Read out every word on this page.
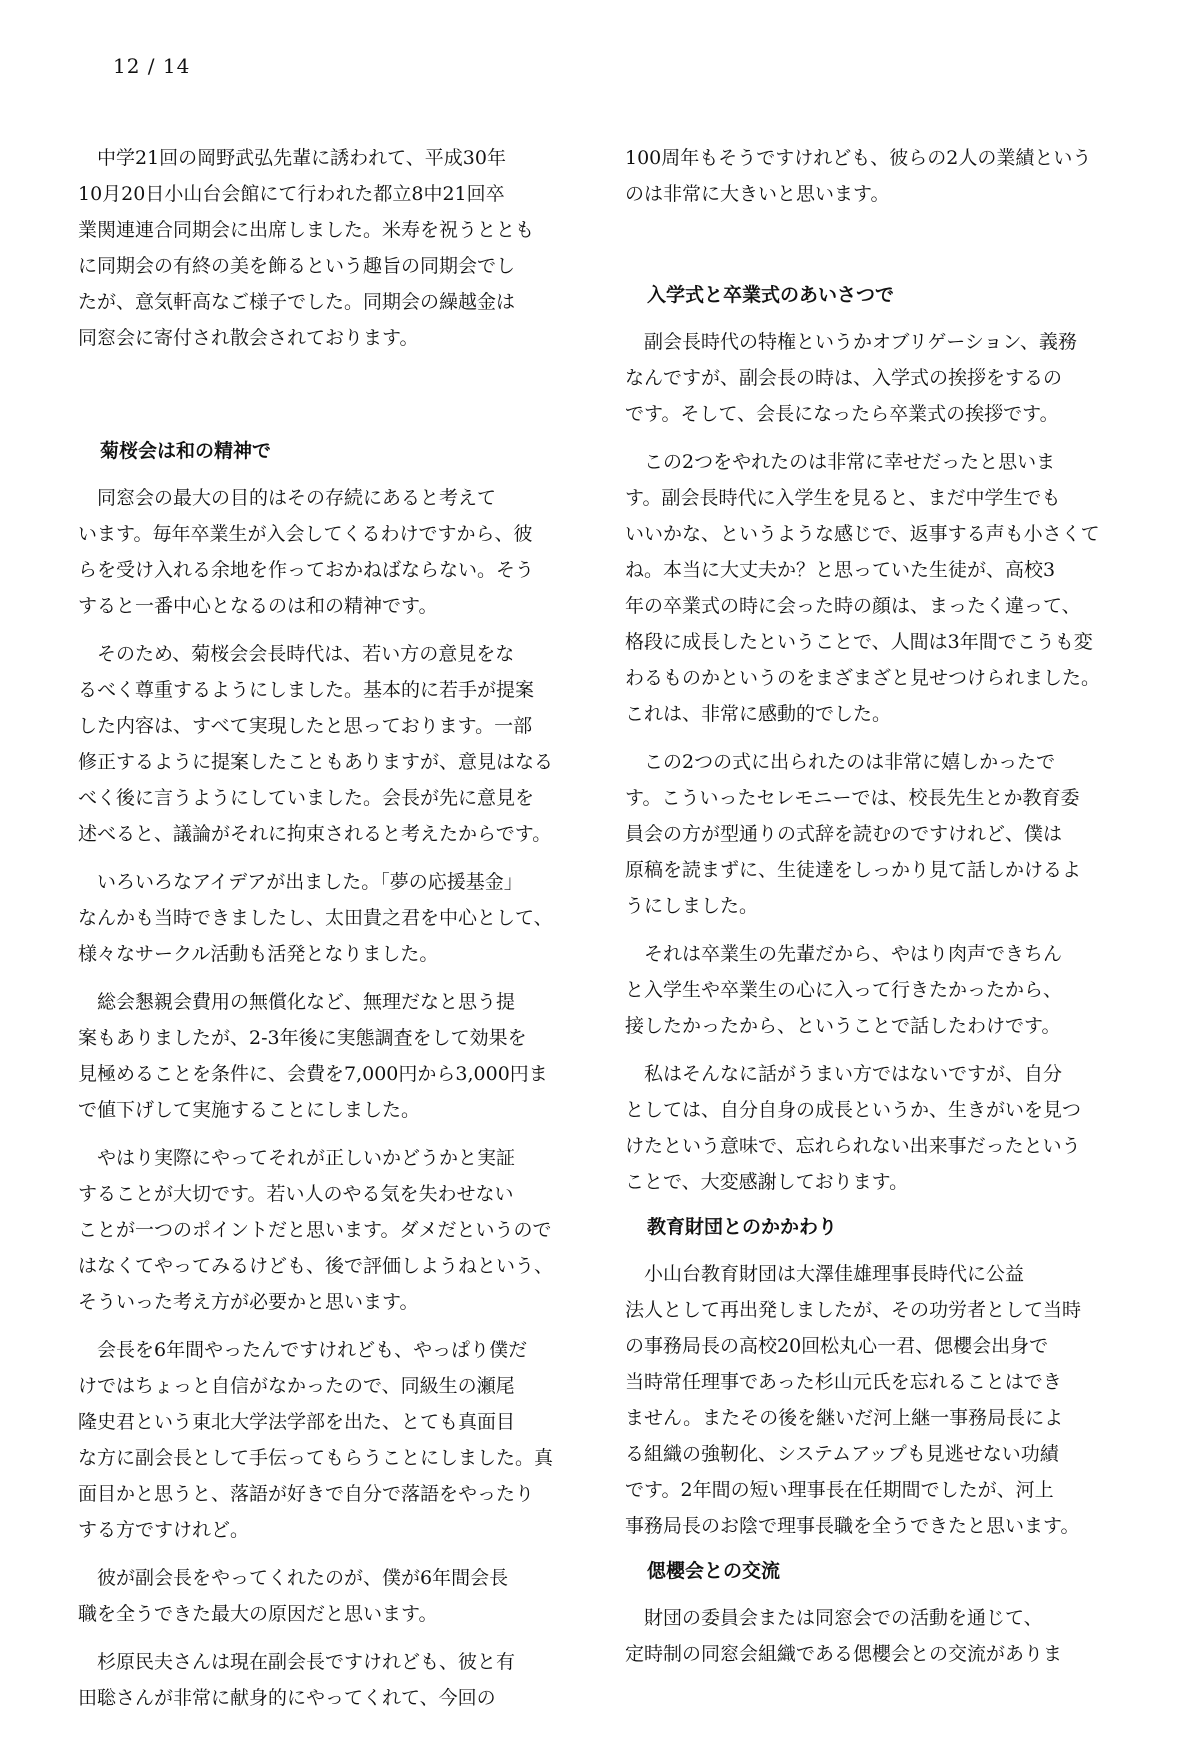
12 / 14

中学21回の岡野武弘先輩に誘われて、平成30年
10月20日小山台会館にて行われた都立8中21回卒
業関連連合同期会に出席しました。米寿を祝うととも
に同期会の有終の美を飾るという趣旨の同期会でし
たが、意気軒高なご様子でした。同期会の繰越金は
同窓会に寄付され散会されております。

菊桜会は和の精神で

同窓会の最大の目的はその存続にあると考えて
います。毎年卒業生が入会してくるわけですから、彼
らを受け入れる余地を作っておかねばならない。そう
すると一番中心となるのは和の精神です。

そのため、菊桜会会長時代は、若い方の意見をな
るべく尊重するようにしました。基本的に若手が提案
した内容は、すべて実現したと思っております。一部
修正するように提案したこともありますが、意見はなる
べく後に言うようにしていました。会長が先に意見を
述べると、議論がそれに拘束されると考えたからです。

いろいろなアイデアが出ました。「夢の応援基金」
なんかも当時できましたし、太田貴之君を中心として、
様々なサークル活動も活発となりました。

総会懇親会費用の無償化など、無理だなと思う提
案もありましたが、2-3年後に実態調査をして効果を
見極めることを条件に、会費を7,000円から3,000円ま
で値下げして実施することにしました。

やはり実際にやってそれが正しいかどうかと実証
することが大切です。若い人のやる気を失わせない
ことが一つのポイントだと思います。ダメだというので
はなくてやってみるけども、後で評価しようねという、
そういった考え方が必要かと思います。

会長を6年間やったんですけれども、やっぱり僕だ
けではちょっと自信がなかったので、同級生の瀬尾
隆史君という東北大学法学部を出た、とても真面目
な方に副会長として手伝ってもらうことにしました。真
面目かと思うと、落語が好きで自分で落語をやったり
する方ですけれど。

彼が副会長をやってくれたのが、僕が6年間会長
職を全うできた最大の原因だと思います。

杉原民夫さんは現在副会長ですけれども、彼と有
田聡さんが非常に献身的にやってくれて、今回の

100周年もそうですけれども、彼らの2人の業績という
のは非常に大きいと思います。

入学式と卒業式のあいさつで

副会長時代の特権というかオブリゲーション、義務
なんですが、副会長の時は、入学式の挨拶をするの
です。そして、会長になったら卒業式の挨拶です。

この2つをやれたのは非常に幸せだったと思いま
す。副会長時代に入学生を見ると、まだ中学生でも
いいかな、というような感じで、返事する声も小さくて
ね。本当に大丈夫か？と思っていた生徒が、高校3
年の卒業式の時に会った時の顔は、まったく違って、
格段に成長したということで、人間は3年間でこうも変
わるものかというのをまざまざと見せつけられました。
これは、非常に感動的でした。

この2つの式に出られたのは非常に嬉しかったで
す。こういったセレモニーでは、校長先生とか教育委
員会の方が型通りの式辞を読むのですけれど、僕は
原稿を読まずに、生徒達をしっかり見て話しかけるよ
うにしました。

それは卒業生の先輩だから、やはり肉声できちん
と入学生や卒業生の心に入って行きたかったから、
接したかったから、ということで話したわけです。

私はそんなに話がうまい方ではないですが、自分
としては、自分自身の成長というか、生きがいを見つ
けたという意味で、忘れられない出来事だったという
ことで、大変感謝しております。

教育財団とのかかわり

小山台教育財団は大澤佳雄理事長時代に公益
法人として再出発しましたが、その功労者として当時
の事務局長の高校20回松丸心一君、偲櫻会出身で
当時常任理事であった杉山元氏を忘れることはでき
ません。またその後を継いだ河上継一事務局長によ
る組織の強靭化、システムアップも見逃せない功績
です。2年間の短い理事長在任期間でしたが、河上
事務局長のお陰で理事長職を全うできたと思います。

偲櫻会との交流

財団の委員会または同窓会での活動を通じて、
定時制の同窓会組織である偲櫻会との交流がありま
